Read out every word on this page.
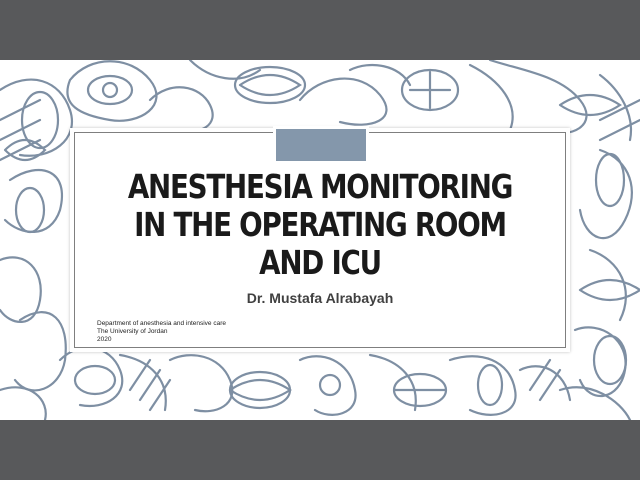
ANESTHESIA MONITORING IN THE OPERATING ROOM AND ICU
Dr. Mustafa Alrabayah
Department of anesthesia and intensive care
The University of Jordan
2020
